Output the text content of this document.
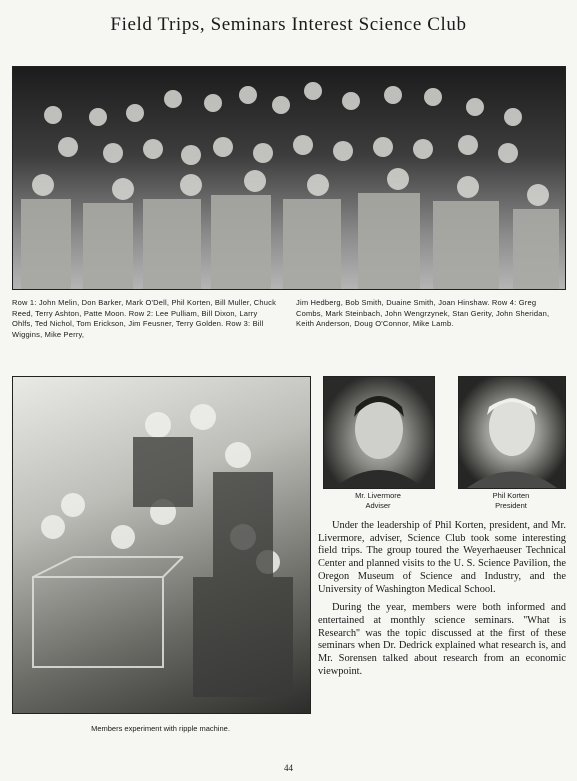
Field Trips, Seminars Interest Science Club
Row 1: John Melin, Don Barker, Mark O'Dell, Phil Korten, Bill Muller, Chuck Reed, Terry Ashton, Patte Moon. Row 2: Lee Pulliam, Bill Dixon, Larry Ohlfs, Ted Nichol, Tom Erickson, Jim Feusner, Terry Golden. Row 3: Bill Wiggins, Mike Perry,
Jim Hedberg, Bob Smith, Duaine Smith, Joan Hinshaw. Row 4: Greg Combs, Mark Steinbach, John Wengrzynek, Stan Gerity, John Sheridan, Keith Anderson, Doug O'Connor, Mike Lamb.
Members experiment with ripple machine.
Mr. Livermore
Adviser
Phil Korten
President

Under the leadership of Phil Korten, president, and Mr. Livermore, adviser, Science Club took some interesting field trips. The group toured the Weyerhaeuser Technical Center and planned visits to the U. S. Science Pavilion, the Oregon Museum of Science and Industry, and the University of Washington Medical School.

During the year, members were both informed and entertained at monthly science seminars. ''What is Research'' was the topic discussed at the first of these seminars when Dr. Dedrick explained what research is, and Mr. Sorensen talked about research from an economic viewpoint.

44
